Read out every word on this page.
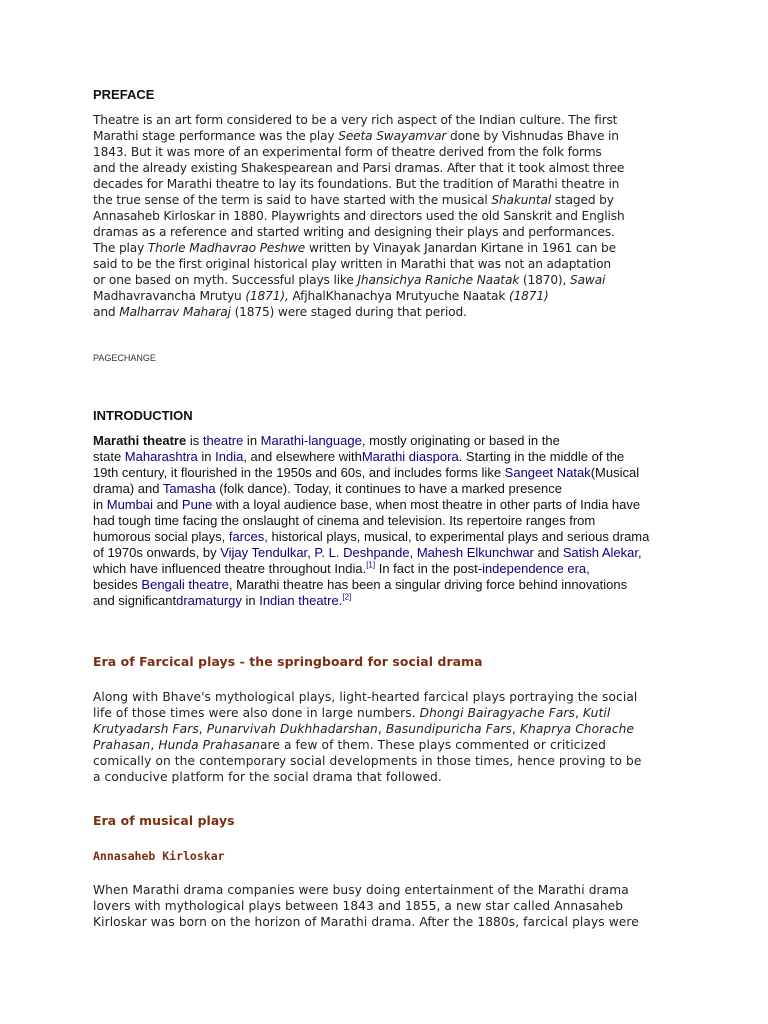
PREFACE
Theatre is an art form considered to be a very rich aspect of the Indian culture. The first
Marathi stage performance was the play Seeta Swayamvar done by Vishnudas Bhave in
1843. But it was more of an experimental form of theatre derived from the folk forms
and the already existing Shakespearean and Parsi dramas. After that it took almost three
decades for Marathi theatre to lay its foundations. But the tradition of Marathi theatre in
the true sense of the term is said to have started with the musical Shakuntal staged by
Annasaheb Kirloskar in 1880. Playwrights and directors used the old Sanskrit and English
dramas as a reference and started writing and designing their plays and performances.
The play Thorle Madhavrao Peshwe written by Vinayak Janardan Kirtane in 1961 can be
said to be the first original historical play written in Marathi that was not an adaptation
or one based on myth. Successful plays like Jhansichya Raniche Naatak (1870), Sawai
Madhavravancha Mrutyu (1871), AfjhalKhanachya Mrutyuche Naatak (1871)
and Malharrav Maharaj (1875) were staged during that period.
PAGECHANGE
INTRODUCTION
Marathi theatre is theatre in Marathi-language, mostly originating or based in the
state Maharashtra in India, and elsewhere withMarathi diaspora. Starting in the middle of the
19th century, it flourished in the 1950s and 60s, and includes forms like Sangeet Natak(Musical
drama) and Tamasha (folk dance). Today, it continues to have a marked presence
in Mumbai and Pune with a loyal audience base, when most theatre in other parts of India have
had tough time facing the onslaught of cinema and television. Its repertoire ranges from
humorous social plays, farces, historical plays, musical, to experimental plays and serious drama
of 1970s onwards, by Vijay Tendulkar, P. L. Deshpande, Mahesh Elkunchwar and Satish Alekar,
which have influenced theatre throughout India.[1] In fact in the post-independence era,
besides Bengali theatre, Marathi theatre has been a singular driving force behind innovations
and significantdramaturgy in Indian theatre.[2]
Era of Farcical plays - the springboard for social drama
Along with Bhave's mythological plays, light-hearted farcical plays portraying the social
life of those times were also done in large numbers. Dhongi Bairagyache Fars, Kutil
Krutyadarsh Fars, Punarvivah Dukhhadarshan, Basundipuricha Fars, Khaprya Chorache
Prahasan, Hunda Prahasanare a few of them. These plays commented or criticized
comically on the contemporary social developments in those times, hence proving to be
a conducive platform for the social drama that followed.
Era of musical plays
Annasaheb Kirloskar
When Marathi drama companies were busy doing entertainment of the Marathi drama
lovers with mythological plays between 1843 and 1855, a new star called Annasaheb
Kirloskar was born on the horizon of Marathi drama. After the 1880s, farcical plays were
